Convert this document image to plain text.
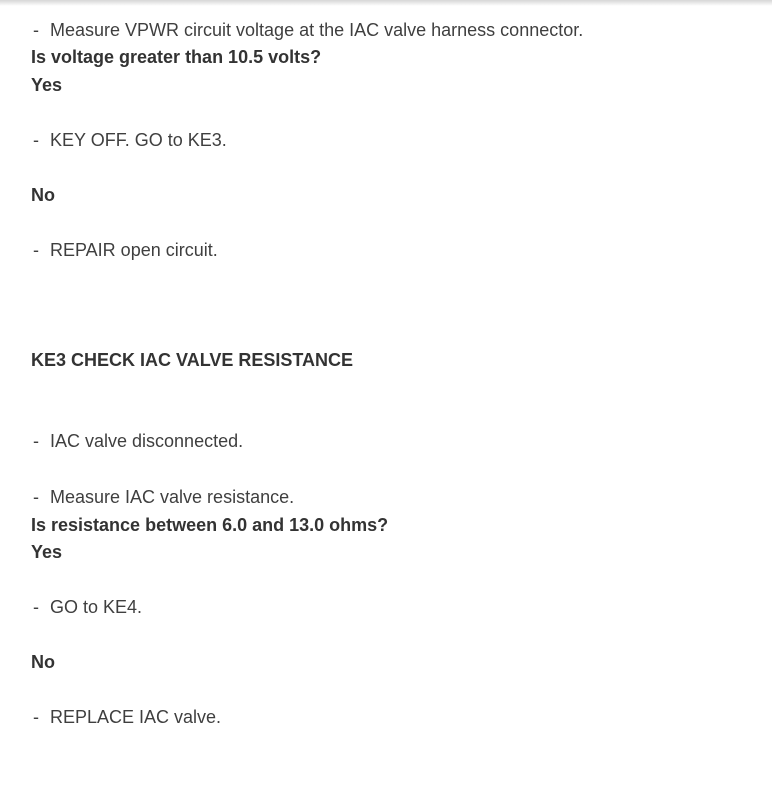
- Measure VPWR circuit voltage at the IAC valve harness connector.
Is voltage greater than 10.5 volts?
Yes
- KEY OFF. GO to KE3.
No
- REPAIR open circuit.
KE3 CHECK IAC VALVE RESISTANCE
- IAC valve disconnected.
- Measure IAC valve resistance.
Is resistance between 6.0 and 13.0 ohms?
Yes
- GO to KE4.
No
- REPLACE IAC valve.
